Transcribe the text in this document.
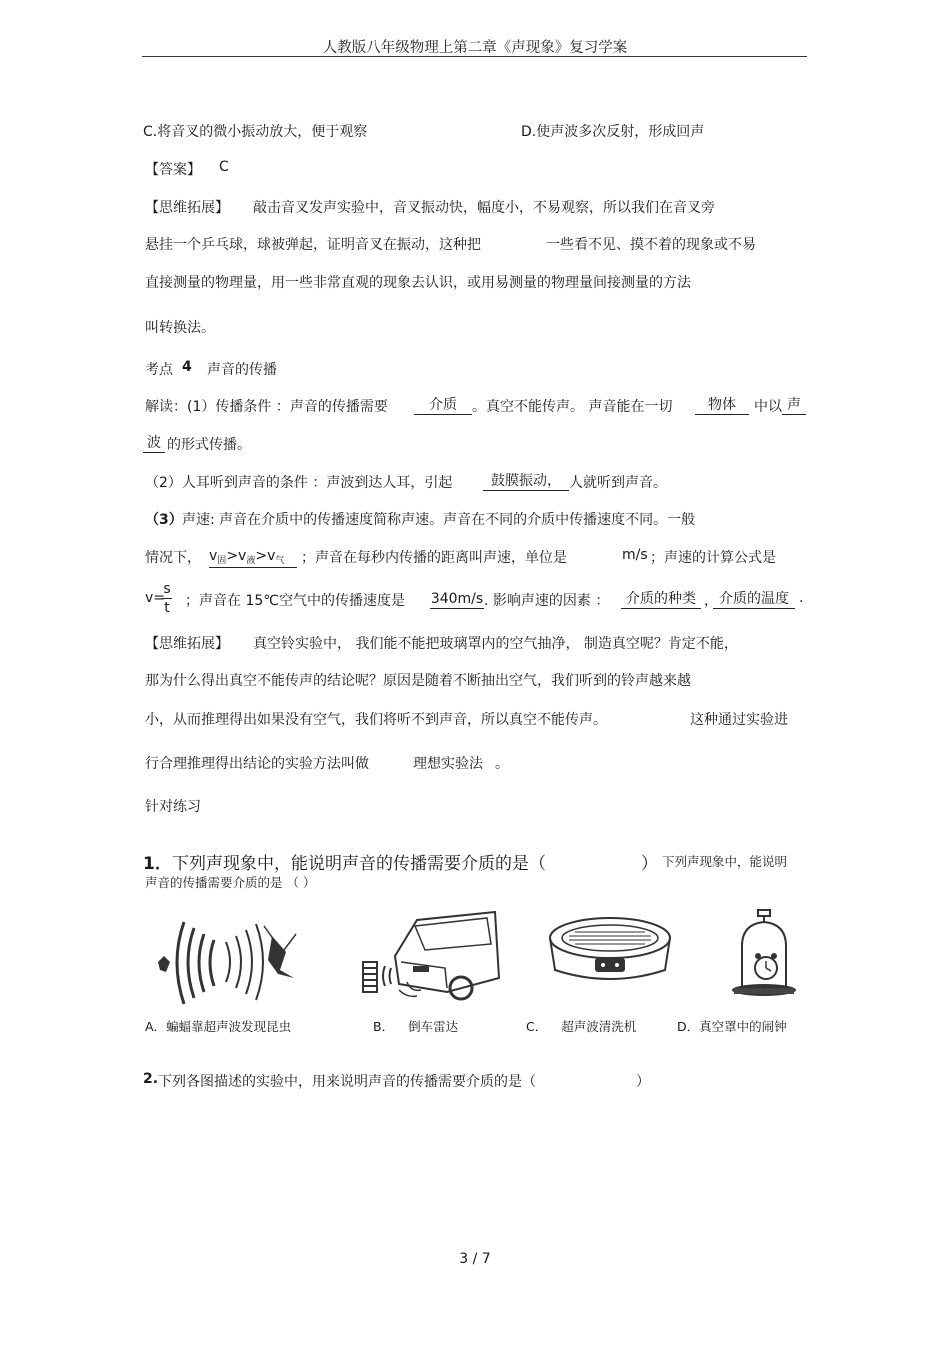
人教版八年级物理上第二章《声现象》复习学案
C.将音叉的微小振动放大，便于观察	D.使声波多次反射，形成回声
【答案】 C
【思维拓展】 敲击音叉发声实验中，音叉振动快，幅度小，不易观察，所以我们在音叉旁
悬挂一个乒乓球，球被弹起，证明音叉在振动，这种把	一些看不见、摸不着的现象或不易
直接测量的物理量，用一些非常直观的现象去认识，或用易测量的物理量间接测量的方法
叫转换法。
考点 4 声音的传播
解读：(1）传播条件 ：声音的传播需要	介质	。真空不能传声。 声音能在一切	物体	中以 声
波 的形式传播。
（2）人耳听到声音的条件 ：声波到达人耳，引起	鼓膜振动， 人就听到声音。
（3） 声速: 声音在介质中的传播速度简称声速。声音在不同的介质中传播速度不同。一般
情况下， $v_固>v_液>v_气$	；声音在每秒内传播的距离叫声速，单位是	m/s ；声速的计算公式是
v=
s
t	；声音在 15℃空气中的传播速度是 340m/s . 影响声速的因素 ：	介质的种类 ， 介质的温度 .
【思维拓展】 真空铃实验中， 我们能不能把玻璃罩内的空气抽净， 制造真空呢？肯定不能，
那为什么得出真空不能传声的结论呢？原因是随着不断抽出空气，我们听到的铃声越来越
小，从而推理得出如果没有空气，我们将听不到声音，所以真空不能传声。	这种通过实验进
行合理推理得出结论的实验方法叫做	理想实验法 。
针对练习
1． 下列声现象中，能说明声音的传播需要介质的是（	） 下列声现象中，能说明
声音的传播需要介质的是 （ ）
A．蝙蝠靠超声波发现昆虫	B． 倒车雷达	C． 超声波清洗机	D．真空罩中的闹钟
2. 下列各图描述的实验中，用来说明声音的传播需要介质的是（	）
3 / 7
